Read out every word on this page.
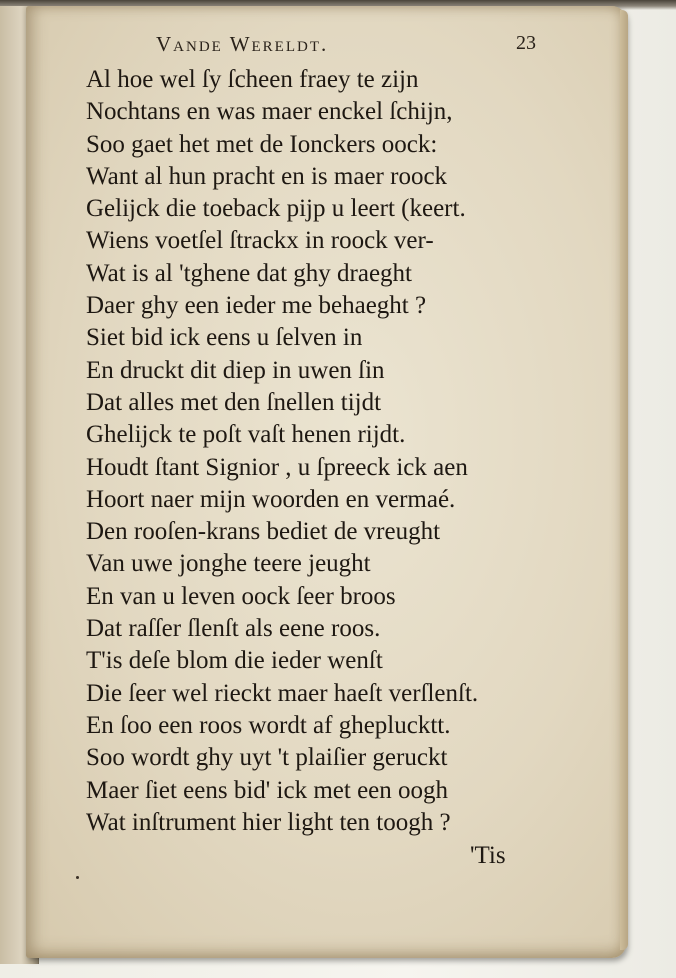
Vande Wereldt.	23
Al hoe wel ſy ſcheen fraey te zijn
Nochtans en was maer enckel ſchijn,
Soo gaet het met de Ionckers oock:
Want al hun pracht en is maer roock
Gelijck die toeback pijp u leert (keert.
Wiens voetſel ſtrackx in roock ver-
Wat is al 'tghene dat ghy draeght
Daer ghy een ieder me behaeght ?
Siet bid ick eens u ſelven in
En druckt dit diep in uwen ſin
Dat alles met den ſnellen tijdt
Ghelijck te poſt vaſt henen rijdt.
Houdt ſtant Signior , u ſpreeck ick aen
Hoort naer mijn woorden en vermaé.
Den rooſen-krans bediet de vreught
Van uwe jonghe teere jeught
En van u leven oock ſeer broos
Dat raſſer ſlenſt als eene roos.
T'is deſe blom die ieder wenſt
Die ſeer wel rieckt maer haeſt verſlenſt.
En ſoo een roos wordt af gheplucktt.
Soo wordt ghy uyt 't plaiſier geruckt
Maer ſiet eens bid' ick met een oogh
Wat inſtrument hier light ten toogh ?
'Tis
